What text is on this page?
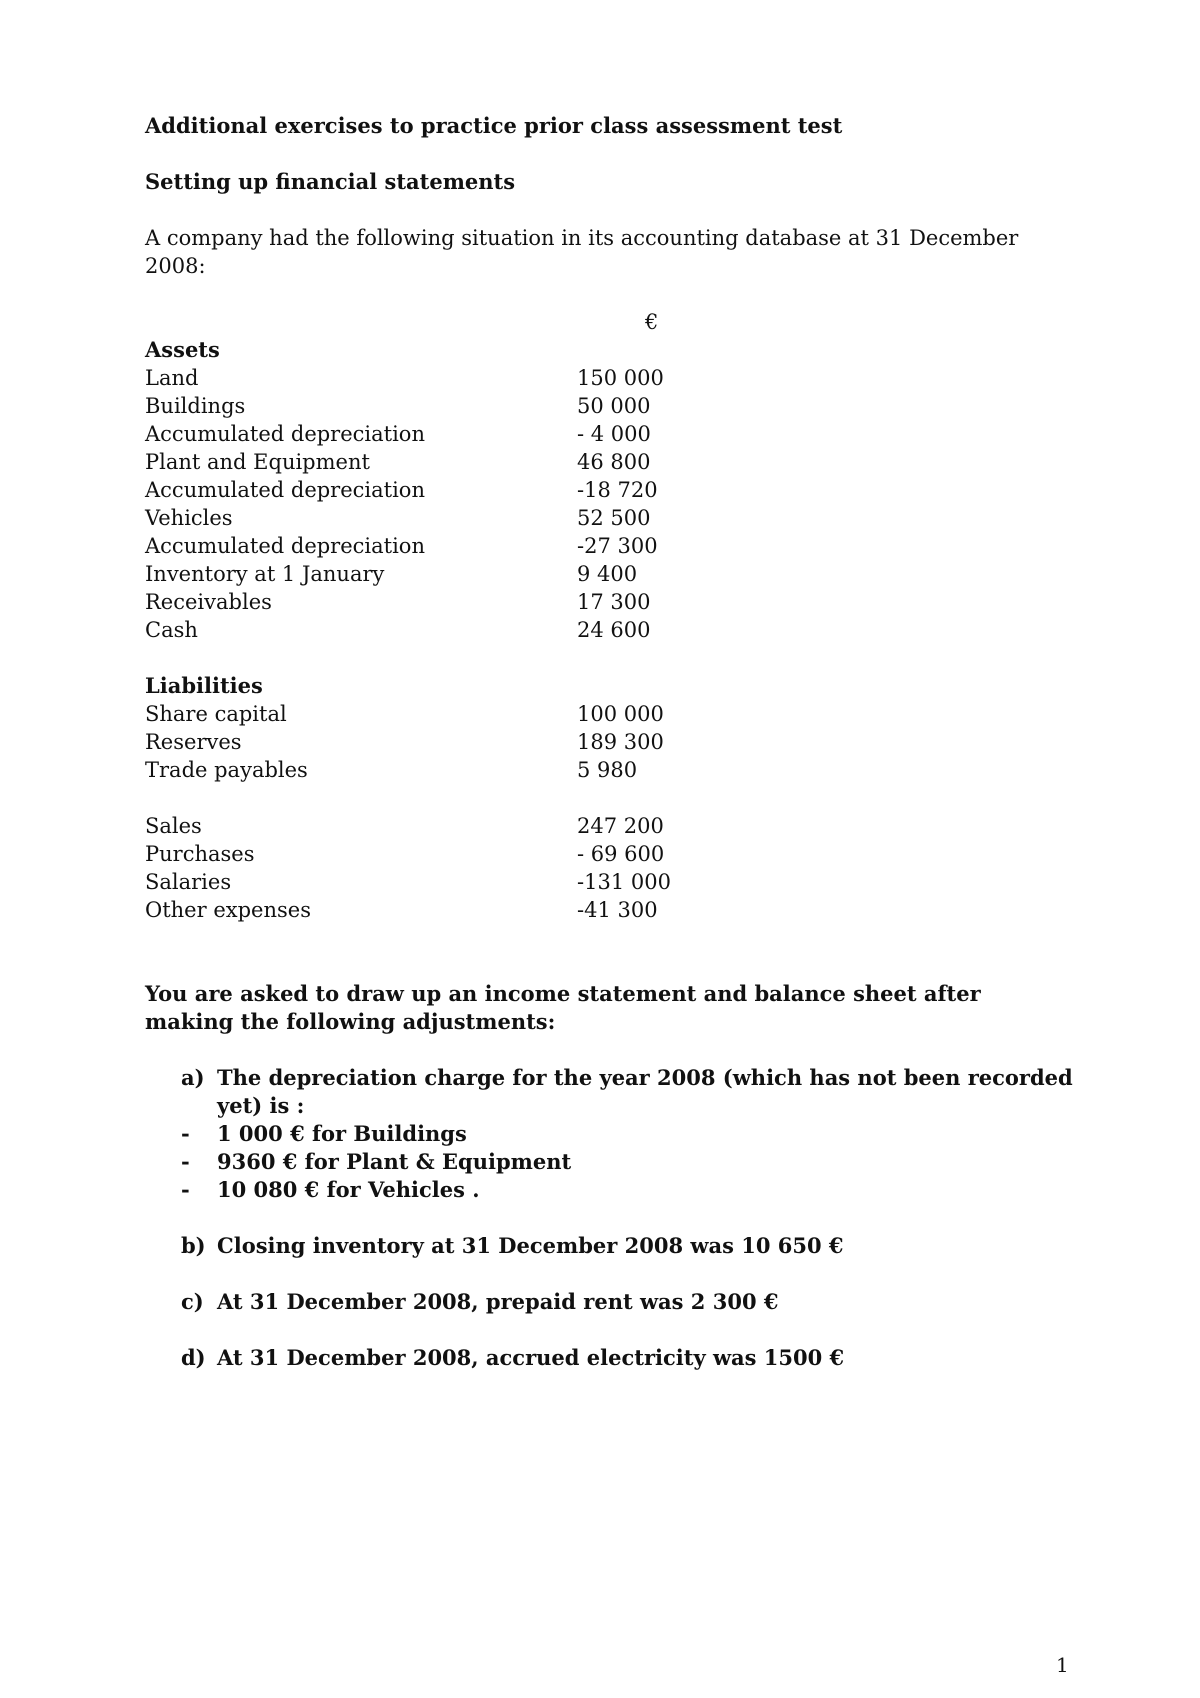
Additional exercises to practice prior class assessment test
Setting up financial statements

A company had the following situation in its accounting database at 31 December 2008:

€
Assets
Land	150 000
Buildings	50 000
Accumulated depreciation	- 4 000
Plant and Equipment	46 800
Accumulated depreciation	-18 720
Vehicles	52 500
Accumulated depreciation	-27 300
Inventory at 1 January	9 400
Receivables	17 300
Cash	24 600
Liabilities
Share capital	100 000
Reserves	189 300
Trade payables	5 980
Sales	247 200
Purchases	- 69 600
Salaries	-131 000
Other expenses	-41 300

You are asked to draw up an income statement and balance sheet after making the following adjustments:

a) The depreciation charge for the year 2008 (which has not been recorded yet) is :
-	1 000 € for Buildings
-	9360 € for Plant & Equipment
-	10 080 € for Vehicles .
b) Closing inventory at 31 December 2008 was 10 650 €
c) At 31 December 2008, prepaid rent was 2 300 €
d) At 31 December 2008, accrued electricity was 1500 €
1
